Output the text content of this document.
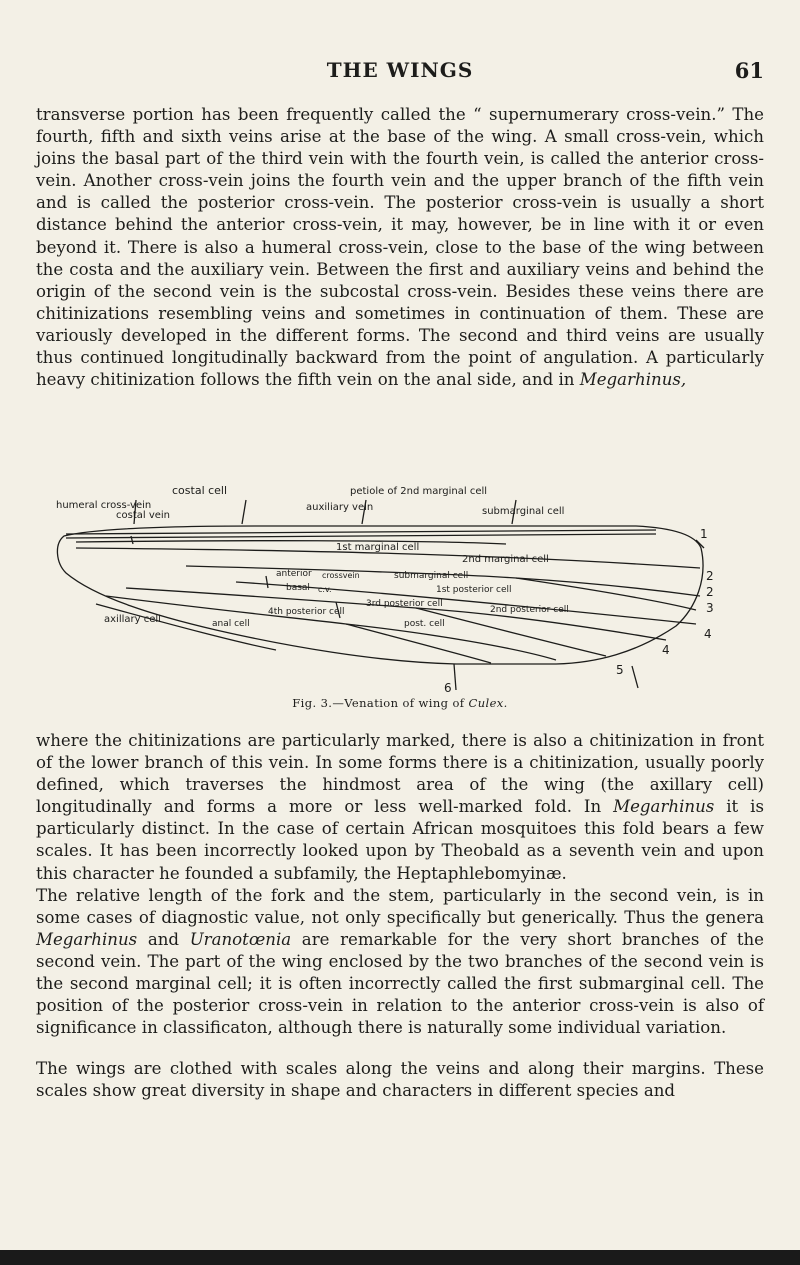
THE WINGS	61

transverse portion has been frequently called the “ supernumerary cross-vein.” The fourth, fifth and sixth veins arise at the base of the wing. A small cross-vein, which joins the basal part of the third vein with the fourth vein, is called the anterior cross-vein. Another cross-vein joins the fourth vein and the upper branch of the fifth vein and is called the posterior cross-vein. The posterior cross-vein is usually a short distance behind the anterior cross-vein, it may, however, be in line with it or even beyond it. There is also a humeral cross-vein, close to the base of the wing between the costa and the auxiliary vein. Between the first and auxiliary veins and behind the origin of the second vein is the subcostal cross-vein. Besides these veins there are chitinizations resembling veins and sometimes in continuation of them. These are variously developed in the different forms. The second and third veins are usually thus continued longitudinally backward from the point of angulation. A particularly heavy chitinization follows the fifth vein on the anal side, and in Megarhinus,

costal cell	petiole of 2nd marginal cell
humeral cross-vein
costal vein
auxiliary vein	submarginal cell
1st marginal cell
2nd marginal cell
anterior crossvein	submarginal cell
basal c.v.	1st posterior cell
2nd posterior cell
3rd posterior cell
4th posterior cell
anal cell
axillary cell	post. cell
1
2
2
3
4
4
5
6
Fig. 3.—Venation of wing of Culex.

where the chitinizations are particularly marked, there is also a chitinization in front of the lower branch of this vein. In some forms there is a chitinization, usually poorly defined, which traverses the hindmost area of the wing (the axillary cell) longitudinally and forms a more or less well-marked fold. In Megarhinus it is particularly distinct. In the case of certain African mosquitoes this fold bears a few scales. It has been incorrectly looked upon by Theobald as a seventh vein and upon this character he founded a subfamily, the Heptaphlebomyinæ.
The relative length of the fork and the stem, particularly in the second vein, is in some cases of diagnostic value, not only specifically but generically. Thus the genera Megarhinus and Uranotœnia are remarkable for the very short branches of the second vein. The part of the wing enclosed by the two branches of the second vein is the second marginal cell; it is often incorrectly called the first submarginal cell. The position of the posterior cross-vein in relation to the anterior cross-vein is also of significance in classificaton, although there is naturally some individual variation.

The wings are clothed with scales along the veins and along their margins. These scales show great diversity in shape and characters in different species and
